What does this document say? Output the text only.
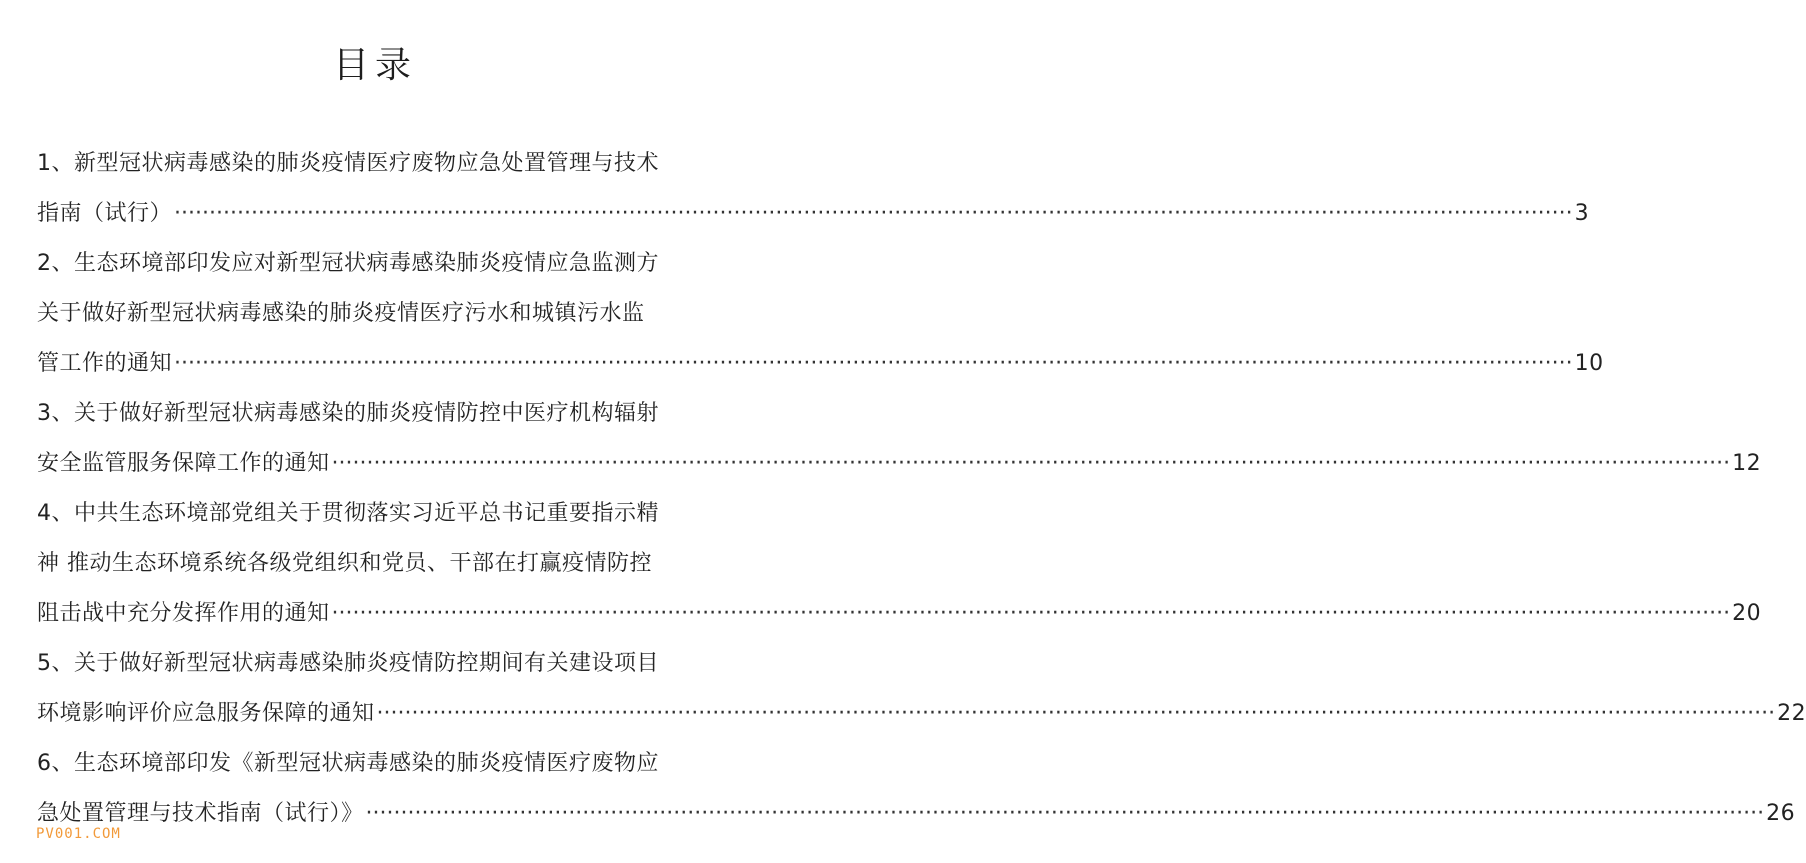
目录
1、新型冠状病毒感染的肺炎疫情医疗废物应急处置管理与技术
指南（试行） ········································································································································································································ 3
2、生态环境部印发应对新型冠状病毒感染肺炎疫情应急监测方
关于做好新型冠状病毒感染的肺炎疫情医疗污水和城镇污水监
管工作的通知 ········································································································································································································ 10
3、关于做好新型冠状病毒感染的肺炎疫情防控中医疗机构辐射
安全监管服务保障工作的通知 ········································································································································································································ 12
4、中共生态环境部党组关于贯彻落实习近平总书记重要指示精
神 推动生态环境系统各级党组织和党员、干部在打赢疫情防控
阻击战中充分发挥作用的通知 ········································································································································································································ 20
5、关于做好新型冠状病毒感染肺炎疫情防控期间有关建设项目
环境影响评价应急服务保障的通知 ········································································································································································································ 22
6、生态环境部印发《新型冠状病毒感染的肺炎疫情医疗废物应
急处置管理与技术指南（试行）》 ········································································································································································································ 26
PV001.COM
